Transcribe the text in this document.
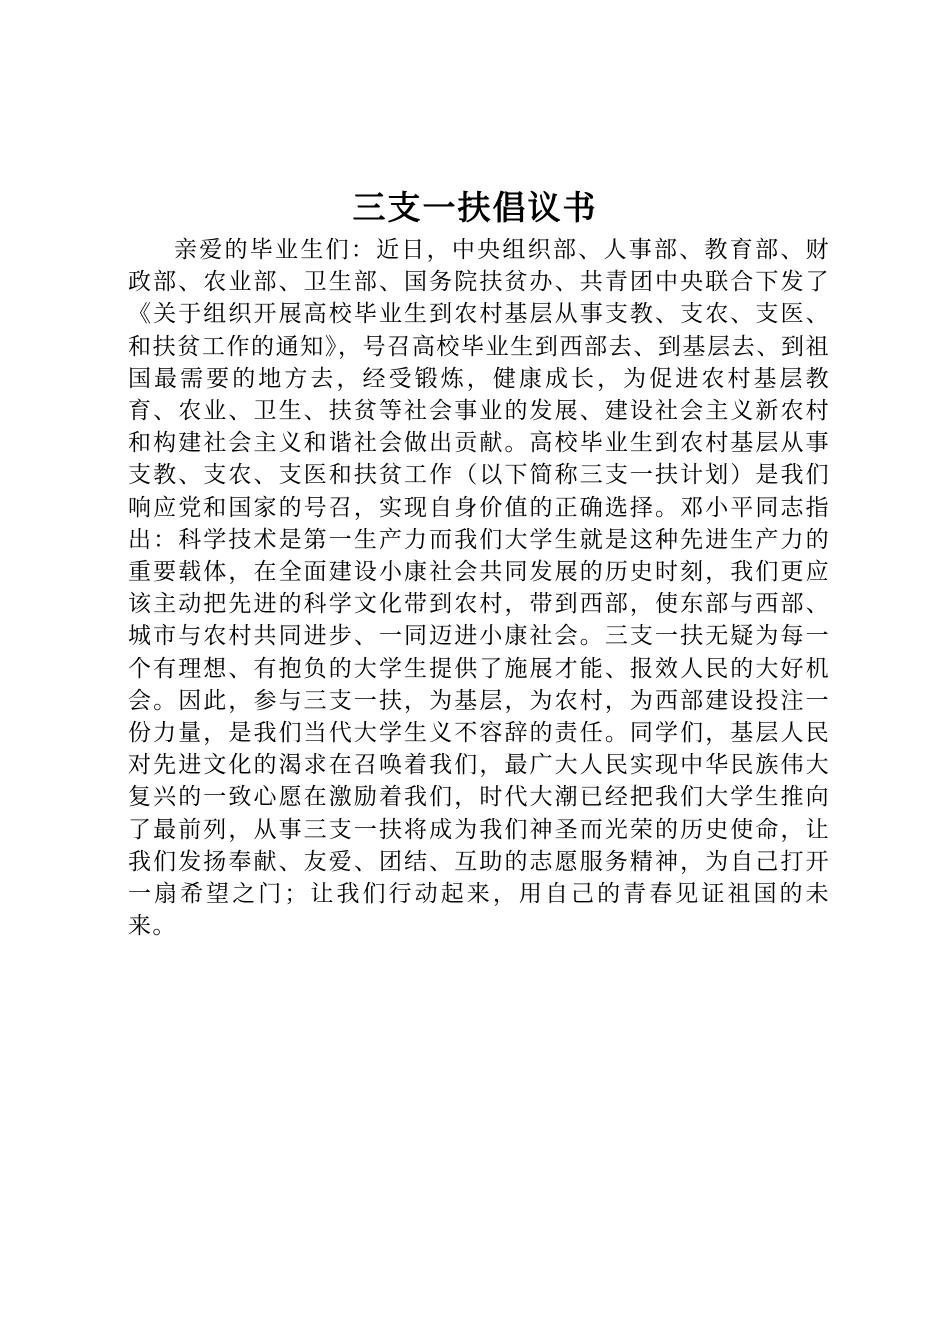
三支一扶倡议书

亲爱的毕业生们：近日，中央组织部、人事部、教育部、财政部、农业部、卫生部、国务院扶贫办、共青团中央联合下发了《关于组织开展高校毕业生到农村基层从事支教、支农、支医、和扶贫工作的通知》，号召高校毕业生到西部去、到基层去、到祖国最需要的地方去，经受锻炼，健康成长，为促进农村基层教育、农业、卫生、扶贫等社会事业的发展、建设社会主义新农村和构建社会主义和谐社会做出贡献。高校毕业生到农村基层从事支教、支农、支医和扶贫工作（以下简称三支一扶计划）是我们响应党和国家的号召，实现自身价值的正确选择。邓小平同志指出：科学技术是第一生产力而我们大学生就是这种先进生产力的重要载体，在全面建设小康社会共同发展的历史时刻，我们更应该主动把先进的科学文化带到农村，带到西部，使东部与西部、城市与农村共同进步、一同迈进小康社会。三支一扶无疑为每一个有理想、有抱负的大学生提供了施展才能、报效人民的大好机会。因此，参与三支一扶，为基层，为农村，为西部建设投注一份力量，是我们当代大学生义不容辞的责任。同学们，基层人民对先进文化的渴求在召唤着我们，最广大人民实现中华民族伟大复兴的一致心愿在激励着我们，时代大潮已经把我们大学生推向了最前列，从事三支一扶将成为我们神圣而光荣的历史使命，让我们发扬奉献、友爱、团结、互助的志愿服务精神，为自己打开一扇希望之门；让我们行动起来，用自己的青春见证祖国的未来。
